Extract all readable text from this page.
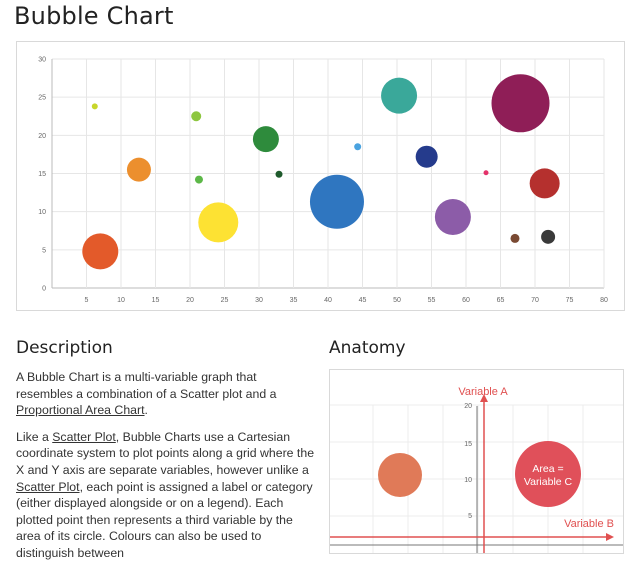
Bubble Chart
0
5
10
15
20
25
30
5	10	15	20	25	30	35	40	45	50	55	60	65	70	75	80
Description	Anatomy

A Bubble Chart is a multi-variable graph that resembles a combination of a Scatter plot and a Proportional Area Chart.

Like a Scatter Plot, Bubble Charts use a Cartesian coordinate system to plot points along a grid where the X and Y axis are separate variables, however unlike a Scatter Plot, each point is assigned a label or category (either displayed alongside or on a legend). Each plotted point then represents a third variable by the area of its circle. Colours can also be used to distinguish between

20
15
10
5
Variable A
Variable B
Area =
Variable C
